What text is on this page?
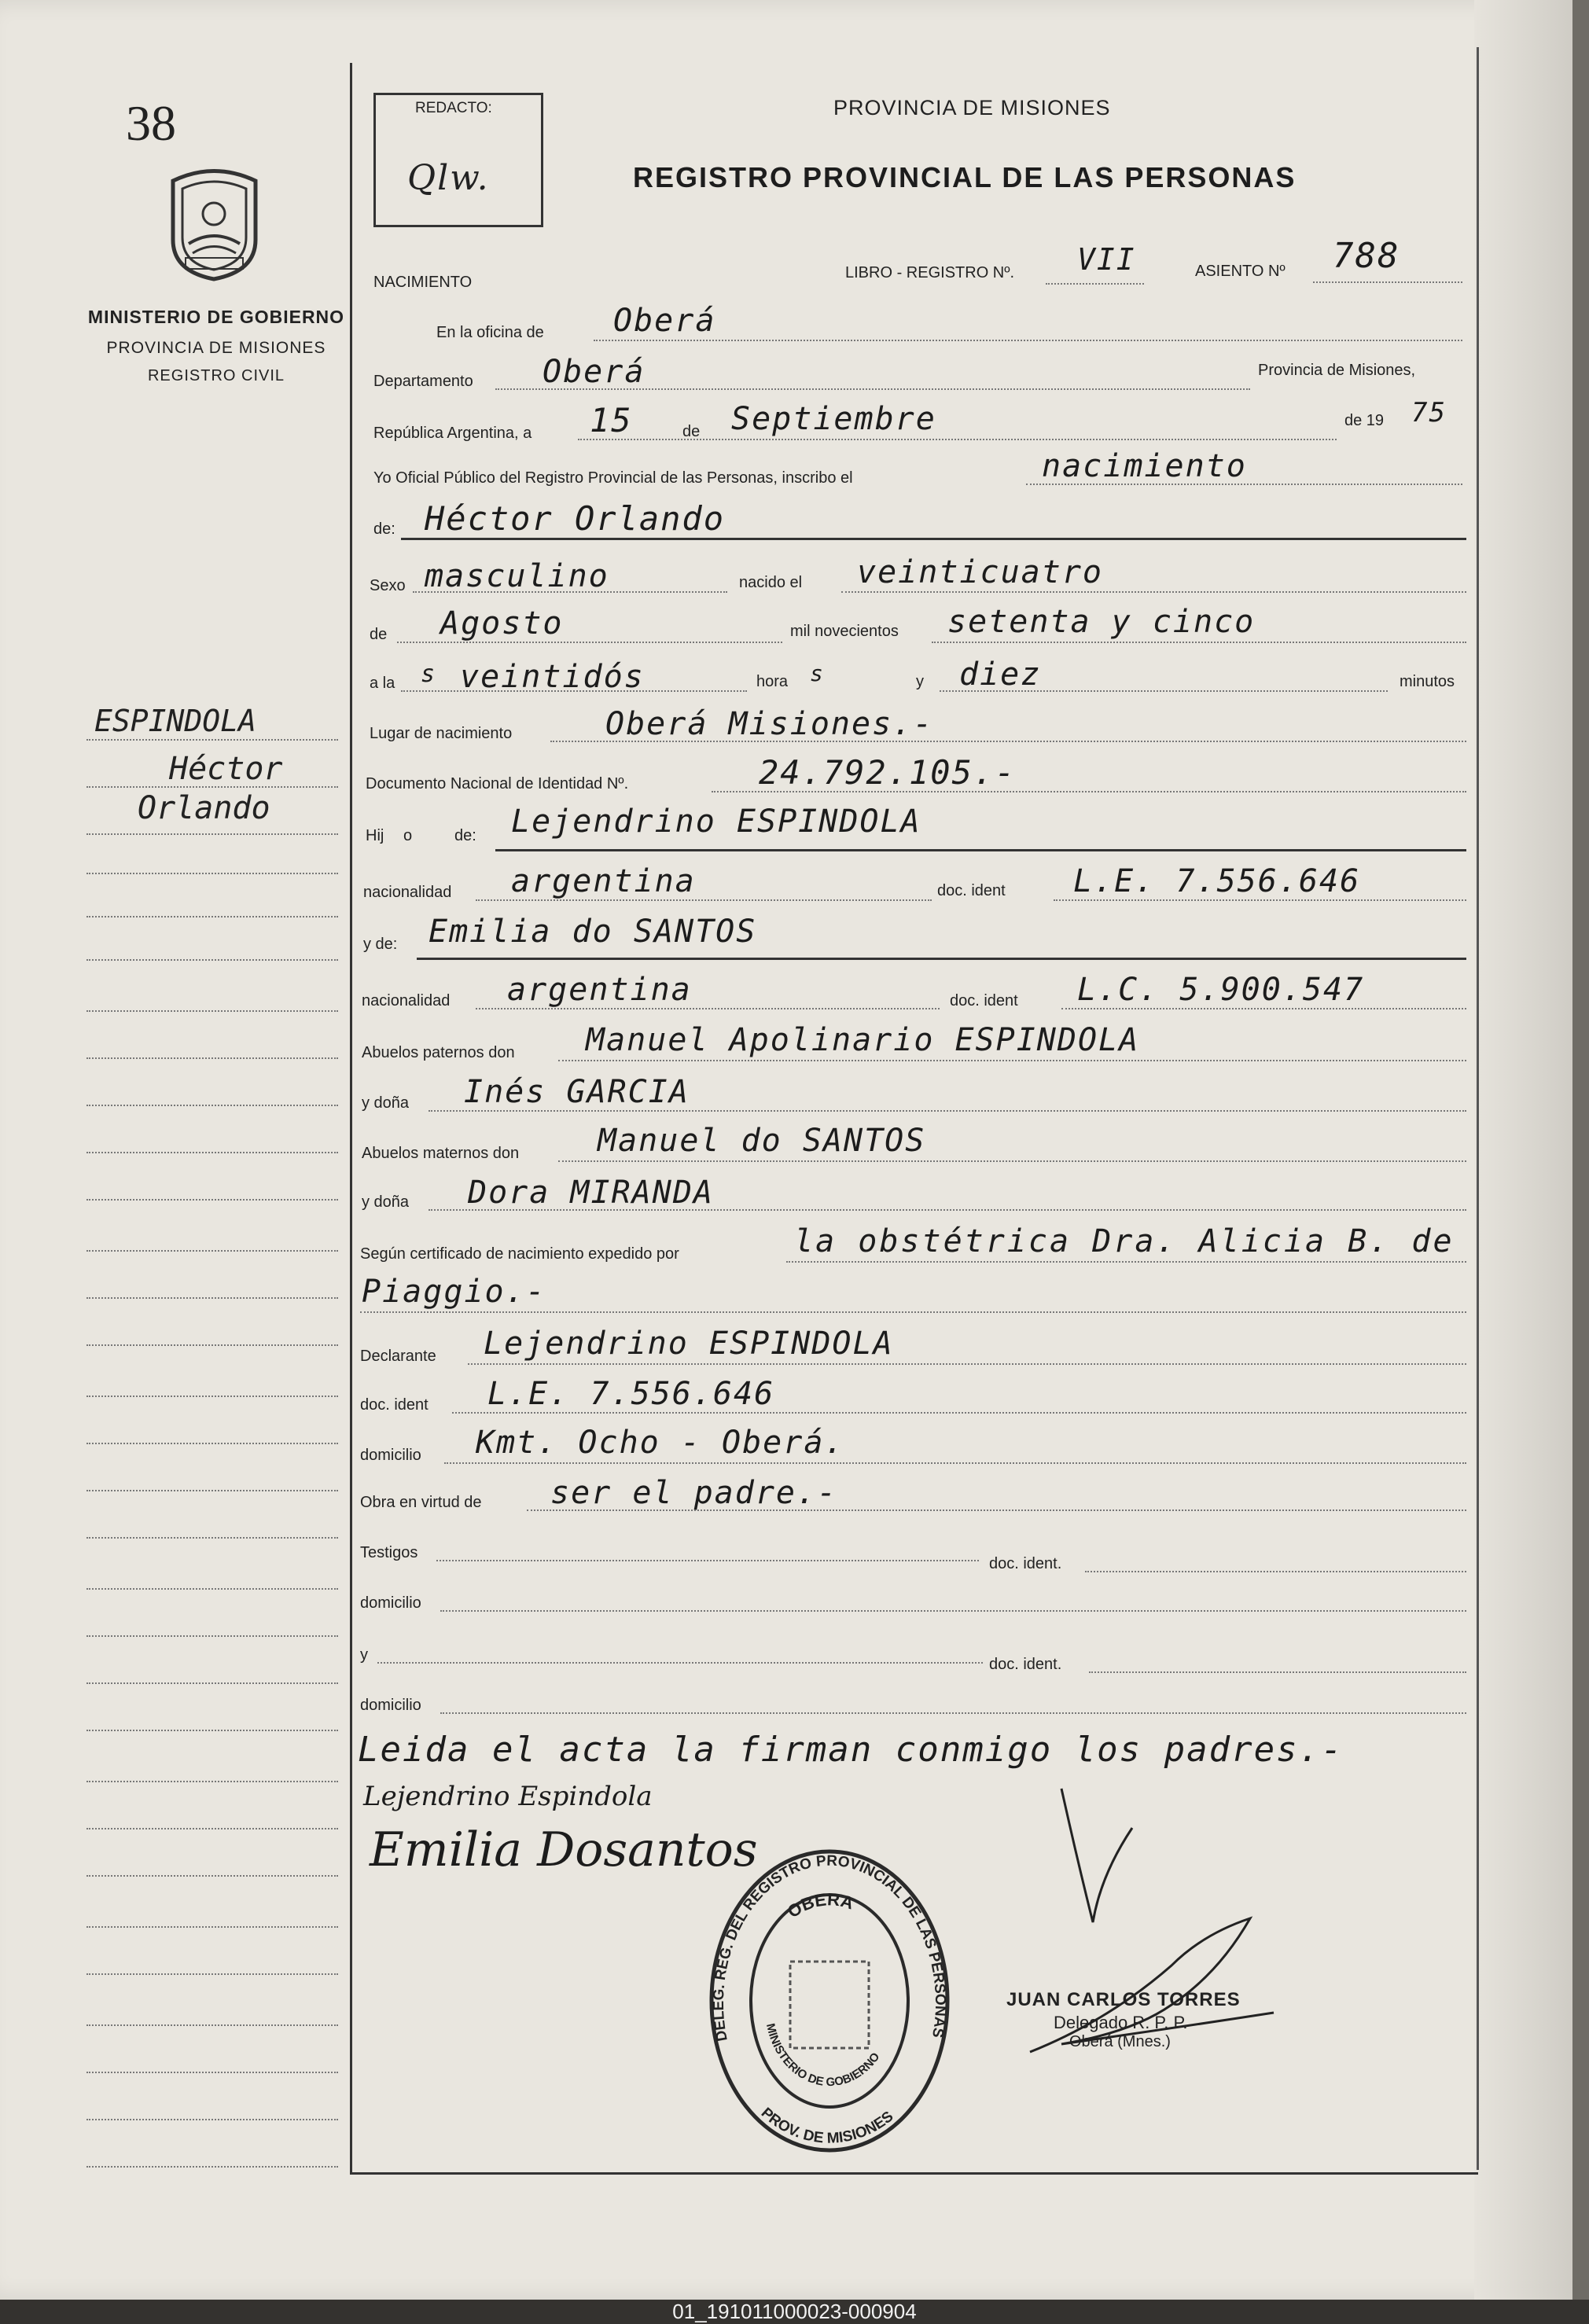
38
MINISTERIO DE GOBIERNO
PROVINCIA DE MISIONES
REGISTRO CIVIL
ESPINDOLA
Héctor
Orlando
REDACTO:
Qlw.
PROVINCIA DE MISIONES
REGISTRO PROVINCIAL DE LAS PERSONAS
NACIMIENTO
LIBRO - REGISTRO Nº. VII	ASIENTO Nº 788
En la oficina de Oberá
Departamento Oberá	Provincia de Misiones,
República Argentina, a 15	de Septiembre	de 19 75
Yo Oficial Público del Registro Provincial de las Personas, inscribo el	nacimiento
de: Héctor Orlando
Sexo masculino	nacido el veinticuatro
de Agosto	mil novecientos setenta y cinco
a la s veintidós	hora s	y diez	minutos
Lugar de nacimiento	Oberá Misiones.-
Documento Nacional de Identidad Nº.	24.792.105.-
Hij o	de: Lejendrino ESPINDOLA
nacionalidad argentina	doc. ident L.E. 7.556.646
y de: Emilia do SANTOS
nacionalidad argentina	doc. ident L.C. 5.900.547
Abuelos paternos don Manuel Apolinario ESPINDOLA
y doña Inés GARCIA
Abuelos maternos don Manuel do SANTOS
y doña Dora MIRANDA
Según certificado de nacimiento expedido por	la obstétrica Dra. Alicia B. de
Piaggio.-
Declarante Lejendrino ESPINDOLA
doc. ident L.E. 7.556.646
domicilio Kmt. Ocho - Oberá.
Obra en virtud de ser el padre.-
Testigos
doc. ident.
domicilio
y
doc. ident.
domicilio
Leida el acta la firman conmigo los padres.-
Lejendrino Espindola
Emilia Dosantos
DELEG. REG. DEL REGISTRO PROVINCIAL DE LAS PERSONAS
OBERA
MINISTERIO DE GOBIERNO
PROV. DE MISIONES
JUAN CARLOS TORRES
Delegado R. P. P.
Oberá (Mnes.)
01_191011000023-000904
